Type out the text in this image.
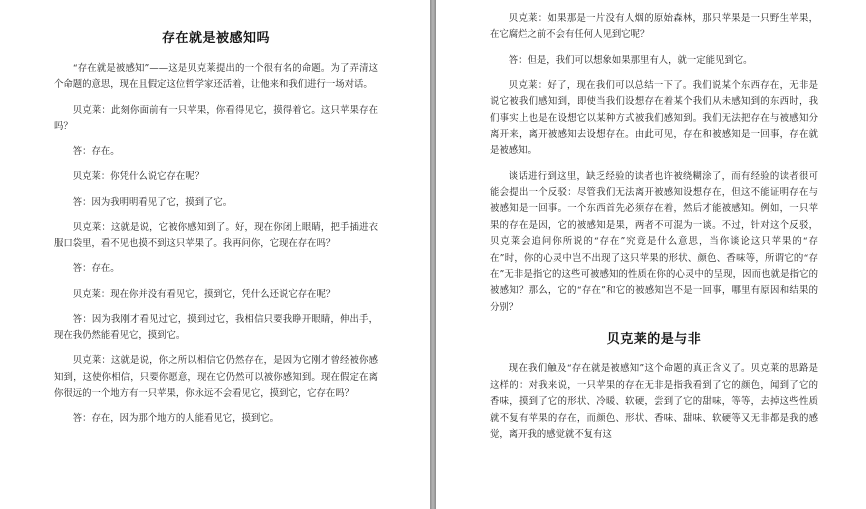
存在就是被感知吗

“存在就是被感知”——这是贝克莱提出的一个很有名的命题。为了弄清这个命题的意思，现在且假定这位哲学家还活着，让他来和我们进行一场对话。

贝克莱：此刻你面前有一只苹果，你看得见它，摸得着它。这只苹果存在吗？

答：存在。

贝克莱：你凭什么说它存在呢？

答：因为我明明看见了它，摸到了它。

贝克莱：这就是说，它被你感知到了。好，现在你闭上眼睛，把手插进衣服口袋里，看不见也摸不到这只苹果了。我再问你，它现在存在吗？

答：存在。

贝克莱：现在你并没有看见它，摸到它，凭什么还说它存在呢？

答：因为我刚才看见过它，摸到过它，我相信只要我睁开眼睛，伸出手，现在我仍然能看见它，摸到它。

贝克莱：这就是说，你之所以相信它仍然存在，是因为它刚才曾经被你感知到，这使你相信，只要你愿意，现在它仍然可以被你感知到。现在假定在离你很远的一个地方有一只苹果，你永远不会看见它，摸到它，它存在吗？

答：存在，因为那个地方的人能看见它，摸到它。

贝克莱：如果那是一片没有人烟的原始森林，那只苹果是一只野生苹果，在它腐烂之前不会有任何人见到它呢？

答：但是，我们可以想象如果那里有人，就一定能见到它。

贝克莱：好了，现在我们可以总结一下了。我们说某个东西存在，无非是说它被我们感知到，即使当我们设想存在着某个我们从未感知到的东西时，我们事实上也是在设想它以某种方式被我们感知到。我们无法把存在与被感知分离开来，离开被感知去设想存在。由此可见，存在和被感知是一回事，存在就是被感知。

谈话进行到这里，缺乏经验的读者也许被绕糊涂了，而有经验的读者很可能会提出一个反驳：尽管我们无法离开被感知设想存在，但这不能证明存在与被感知是一回事。一个东西首先必须存在着，然后才能被感知。例如，一只苹果的存在是因，它的被感知是果，两者不可混为一谈。不过，针对这个反驳，贝克莱会追问你所说的“存在”究竟是什么意思，当你谈论这只苹果的“存在”时，你的心灵中岂不出现了这只苹果的形状、颜色、香味等，所谓它的“存在”无非是指它的这些可被感知的性质在你的心灵中的呈现，因而也就是指它的被感知？那么，它的“存在”和它的被感知岂不是一回事，哪里有原因和结果的分别？

贝克莱的是与非

现在我们触及“存在就是被感知”这个命题的真正含义了。贝克莱的思路是这样的：对我来说，一只苹果的存在无非是指我看到了它的颜色，闻到了它的香味，摸到了它的形状、冷暖、软硬，尝到了它的甜味，等等，去掉这些性质就不复有苹果的存在，而颜色、形状、香味、甜味、软硬等又无非都是我的感觉，离开我的感觉就不复有这
